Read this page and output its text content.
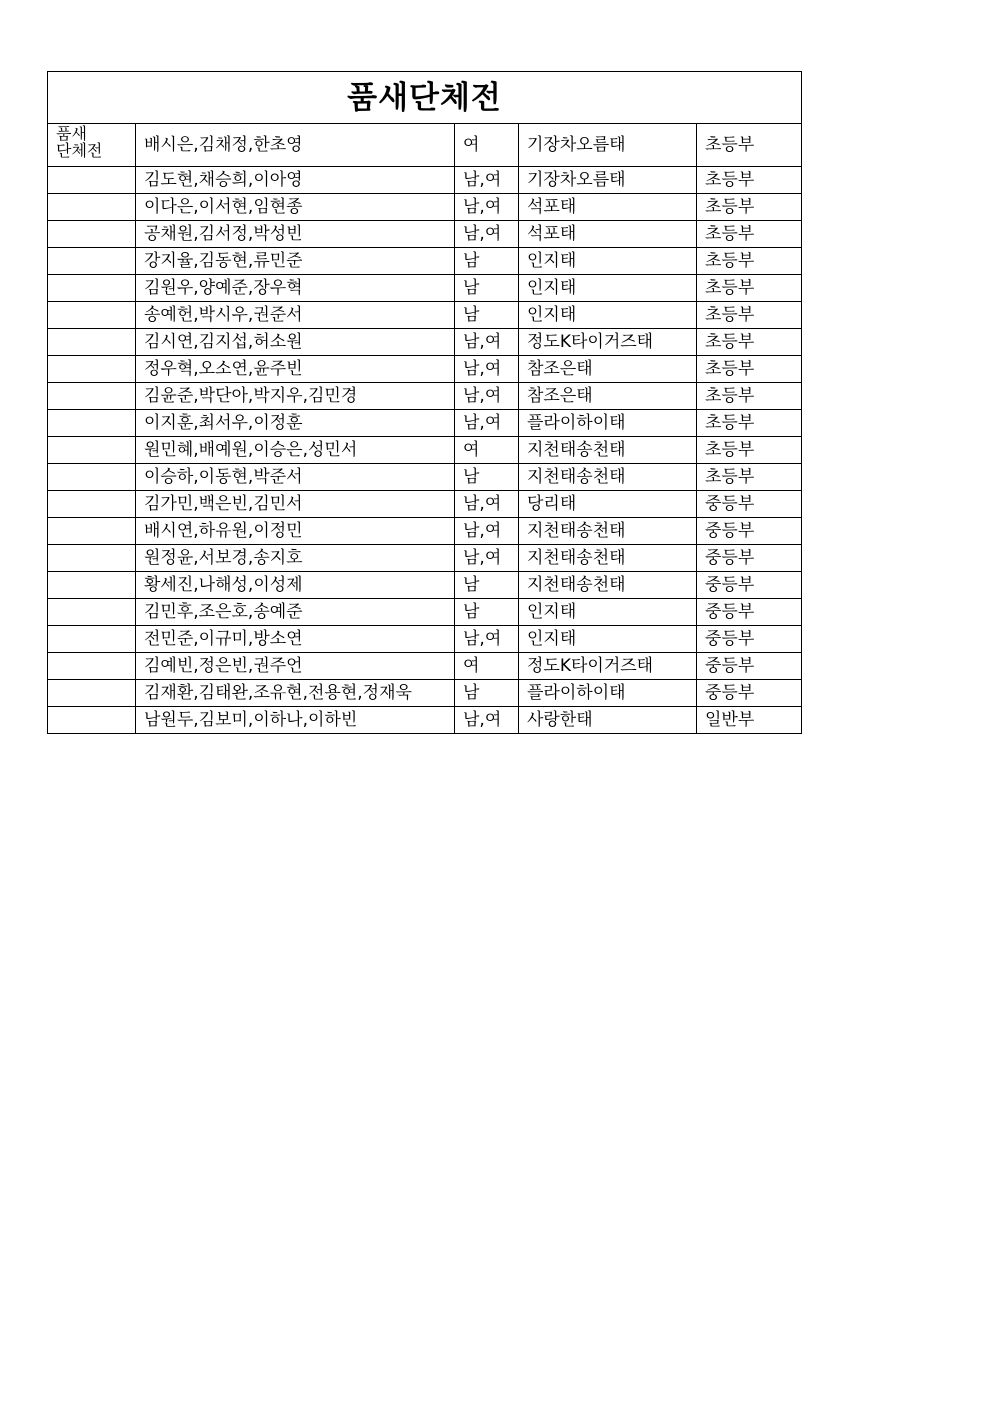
품새단체전				

품새
단체전	배시은,김채정,한초영	여	기장차오름태	초등부
	김도현,채승희,이아영	남,여	기장차오름태	초등부
	이다은,이서현,임현종	남,여	석포태	초등부
	공채원,김서정,박성빈	남,여	석포태	초등부
	강지율,김동현,류민준	남	인지태	초등부
	김원우,양예준,장우혁	남	인지태	초등부
	송예헌,박시우,권준서	남	인지태	초등부
	김시연,김지섭,허소원	남,여	정도K타이거즈태	초등부
	정우혁,오소연,윤주빈	남,여	참조은태	초등부
	김윤준,박단아,박지우,김민경	남,여	참조은태	초등부
	이지훈,최서우,이정훈	남,여	플라이하이태	초등부
	원민혜,배예원,이승은,성민서	여	지천태송천태	초등부
	이승하,이동현,박준서	남	지천태송천태	초등부
	김가민,백은빈,김민서	남,여	당리태	중등부
	배시연,하유원,이정민	남,여	지천태송천태	중등부
	원정윤,서보경,송지호	남,여	지천태송천태	중등부
	황세진,나해성,이성제	남	지천태송천태	중등부
	김민후,조은호,송예준	남	인지태	중등부
	전민준,이규미,방소연	남,여	인지태	중등부
	김예빈,정은빈,권주언	여	정도K타이거즈태	중등부
	김재환,김태완,조유현,전용현,정재욱	남	플라이하이태	중등부
	남원두,김보미,이하나,이하빈	남,여	사랑한태	일반부
